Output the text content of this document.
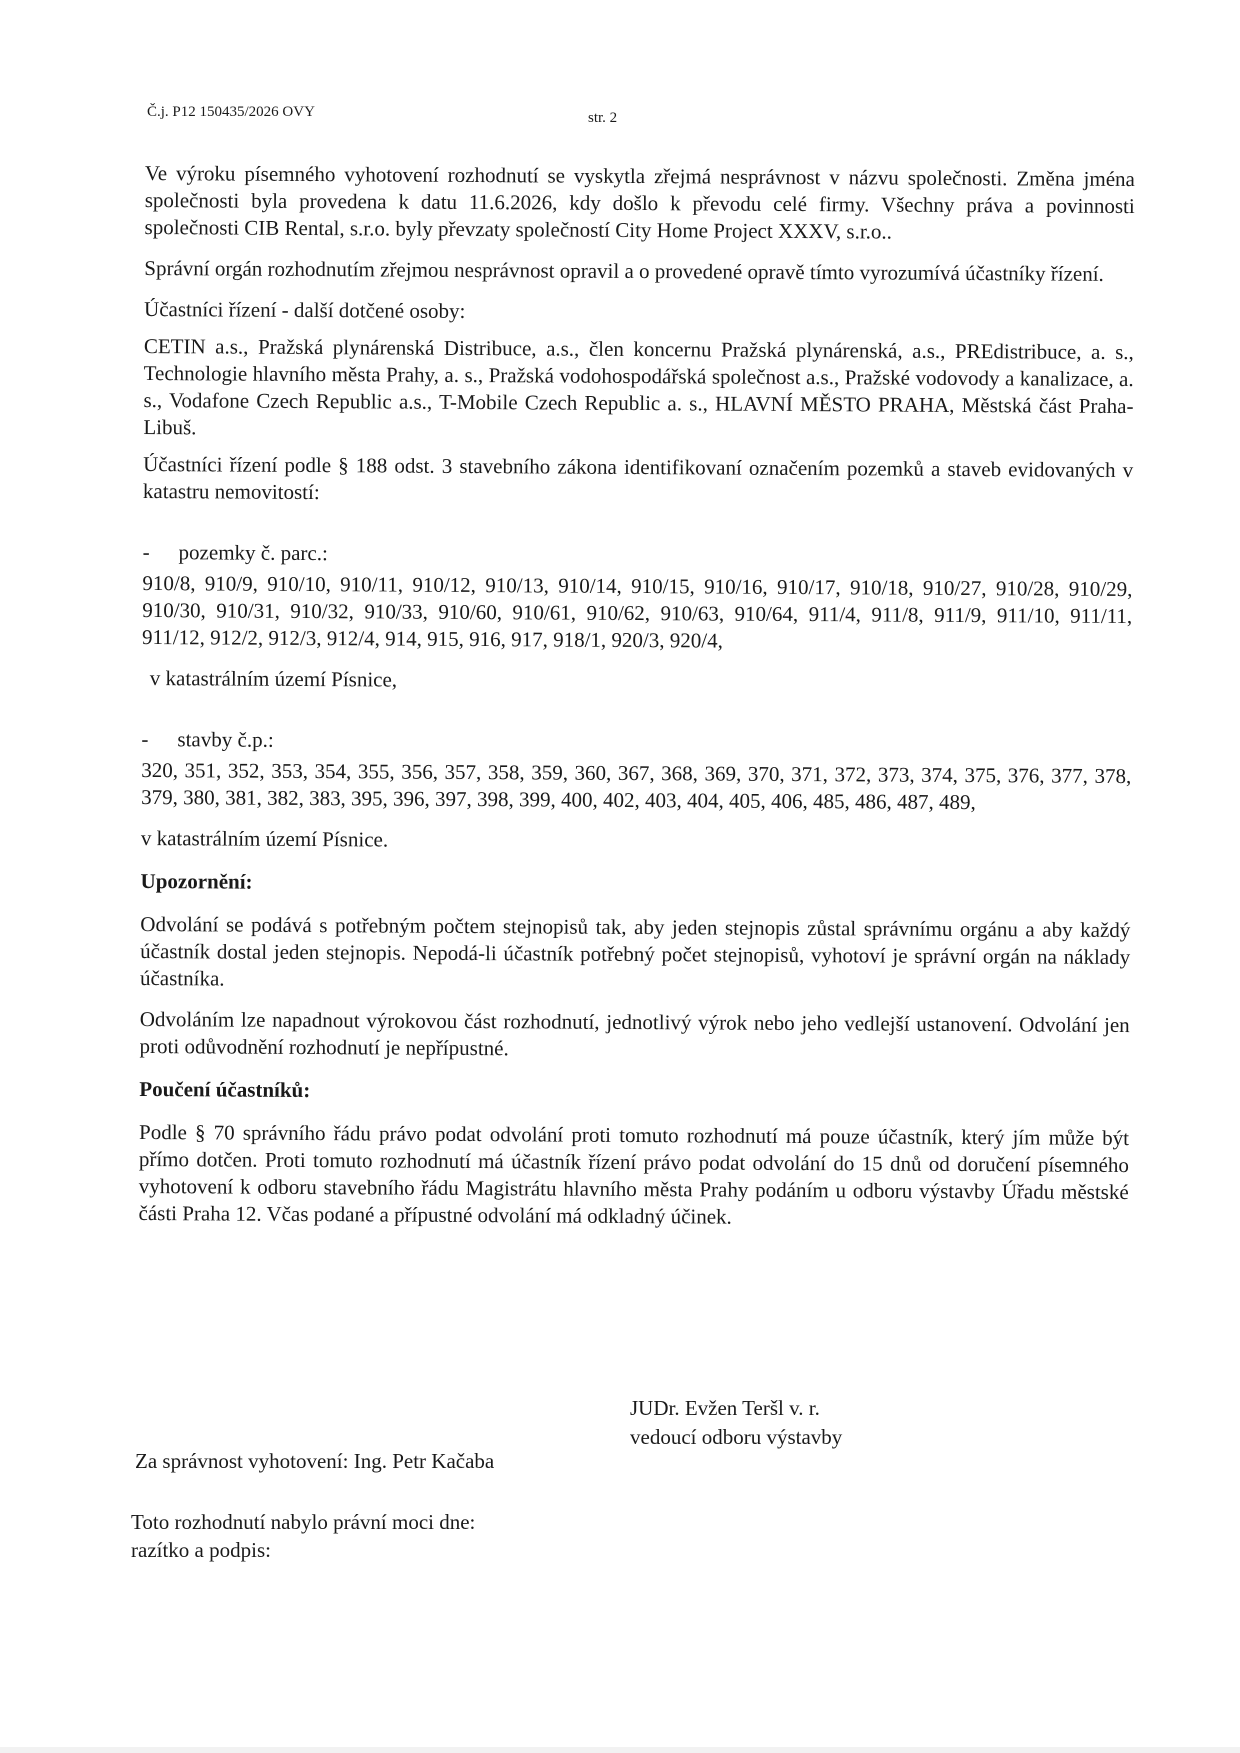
Č.j. P12 150435/2026 OVY	str. 2

Ve výroku písemného vyhotovení rozhodnutí se vyskytla zřejmá nesprávnost v názvu společnosti. Změna jména společnosti byla provedena k datu 11.6.2026, kdy došlo k převodu celé firmy. Všechny práva a povinnosti společnosti CIB Rental, s.r.o. byly převzaty společností City Home Project XXXV, s.r.o..

Správní orgán rozhodnutím zřejmou nesprávnost opravil a o provedené opravě tímto vyrozumívá účastníky řízení.

Účastníci řízení - další dotčené osoby:

CETIN a.s., Pražská plynárenská Distribuce, a.s., člen koncernu Pražská plynárenská, a.s., PREdistribuce, a. s., Technologie hlavního města Prahy, a. s., Pražská vodohospodářská společnost a.s., Pražské vodovody a kanalizace, a. s., Vodafone Czech Republic a.s., T-Mobile Czech Republic a. s., HLAVNÍ MĚSTO PRAHA, Městská část Praha-Libuš.

Účastníci řízení podle § 188 odst. 3 stavebního zákona identifikovaní označením pozemků a staveb evidovaných v katastru nemovitostí:

- pozemky č. parc.:

910/8, 910/9, 910/10, 910/11, 910/12, 910/13, 910/14, 910/15, 910/16, 910/17, 910/18, 910/27, 910/28, 910/29, 910/30, 910/31, 910/32, 910/33, 910/60, 910/61, 910/62, 910/63, 910/64, 911/4, 911/8, 911/9, 911/10, 911/11, 911/12, 912/2, 912/3, 912/4, 914, 915, 916, 917, 918/1, 920/3, 920/4,

v katastrálním území Písnice,

- stavby č.p.:

320, 351, 352, 353, 354, 355, 356, 357, 358, 359, 360, 367, 368, 369, 370, 371, 372, 373, 374, 375, 376, 377, 378, 379, 380, 381, 382, 383, 395, 396, 397, 398, 399, 400, 402, 403, 404, 405, 406, 485, 486, 487, 489,

v katastrálním území Písnice.

Upozornění:

Odvolání se podává s potřebným počtem stejnopisů tak, aby jeden stejnopis zůstal správnímu orgánu a aby každý účastník dostal jeden stejnopis. Nepodá-li účastník potřebný počet stejnopisů, vyhotoví je správní orgán na náklady účastníka.

Odvoláním lze napadnout výrokovou část rozhodnutí, jednotlivý výrok nebo jeho vedlejší ustanovení. Odvolání jen proti odůvodnění rozhodnutí je nepřípustné.

Poučení účastníků:

Podle § 70 správního řádu právo podat odvolání proti tomuto rozhodnutí má pouze účastník, který jím může být přímo dotčen. Proti tomuto rozhodnutí má účastník řízení právo podat odvolání do 15 dnů od doručení písemného vyhotovení k odboru stavebního řádu Magistrátu hlavního města Prahy podáním u odboru výstavby Úřadu městské části Praha 12. Včas podané a přípustné odvolání má odkladný účinek.

JUDr. Evžen Teršl v. r.
vedoucí odboru výstavby
Za správnost vyhotovení: Ing. Petr Kačaba
Toto rozhodnutí nabylo právní moci dne:
razítko a podpis:
